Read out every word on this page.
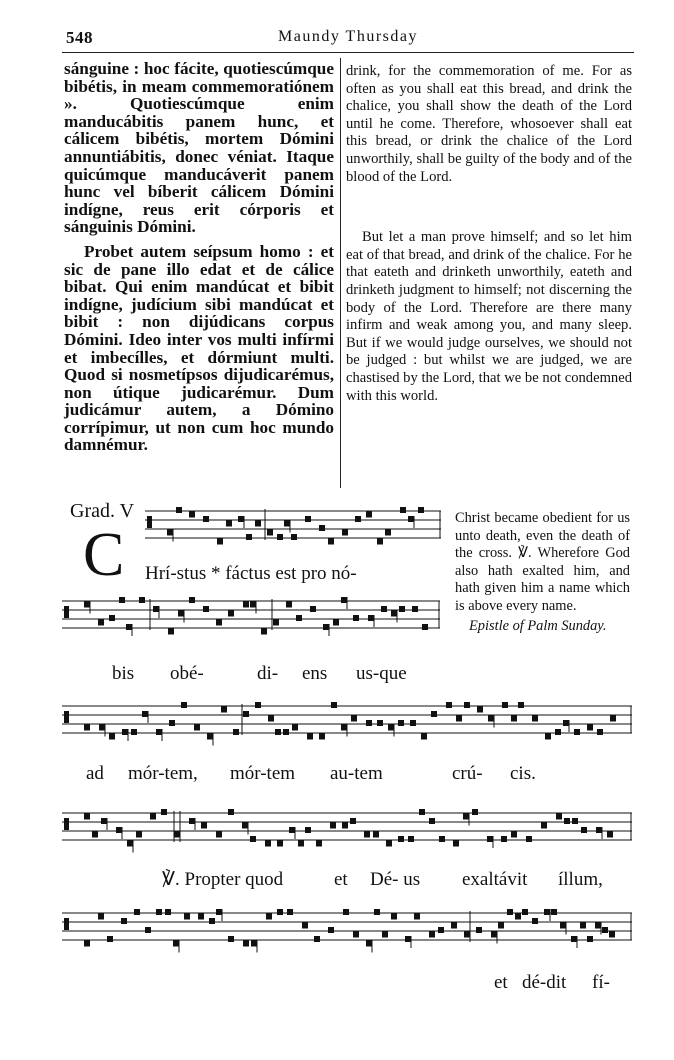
548	Maundy Thursday

sánguine : hoc fácite, quotiescúmque bibétis, in meam commemoratiónem ». Quotiescúmque enim manducábitis panem hunc, et cálicem bibétis, mortem Dómini annuntiábitis, donec véniat. Itaque quicúmque manducáverit panem hunc vel bíberit cálicem Dómini indígne, reus erit córporis et sánguinis Dómini.

Probet autem seípsum homo : et sic de pane illo edat et de cálice bibat. Qui enim mandúcat et bibit indígne, judícium sibi mandúcat et bibit : non dijúdicans corpus Dómini. Ideo inter vos multi infírmi et imbecílles, et dórmiunt multi. Quod si nosmetípsos dijudicarémus, non útique judicarémur. Dum judicámur autem, a Dómino corrípimur, ut non cum hoc mundo damnémur.

drink, for the commemoration of me. For as often as you shall eat this bread, and drink the chalice, you shall show the death of the Lord until he come. Therefore, whosoever shall eat this bread, or drink the chalice of the Lord unworthily, shall be guilty of the body and of the blood of the Lord.

But let a man prove himself; and so let him eat of that bread, and drink of the chalice. For he that eateth and drinketh unworthily, eateth and drinketh judgment to himself; not discerning the body of the Lord. Therefore are there many infirm and weak among you, and many sleep. But if we would judge ourselves, we should not be judged : but whilst we are judged, we are chastised by the Lord, that we be not condemned with this world.

Grad. V
C

Christ became obedient for us unto death, even the death of the cross. ℣. Wherefore God also hath exalted him, and hath given him a name which is above every name.

Epistle of Palm Sunday.

Hrí-stus * fáctus est pro nó-
bis obé-	di- ens us-que
ad mór-tem, mór-tem au-tem	crú- cis.
℣. Propter quod	et Dé- us exaltávit íllum,
et dé-dit fí-
